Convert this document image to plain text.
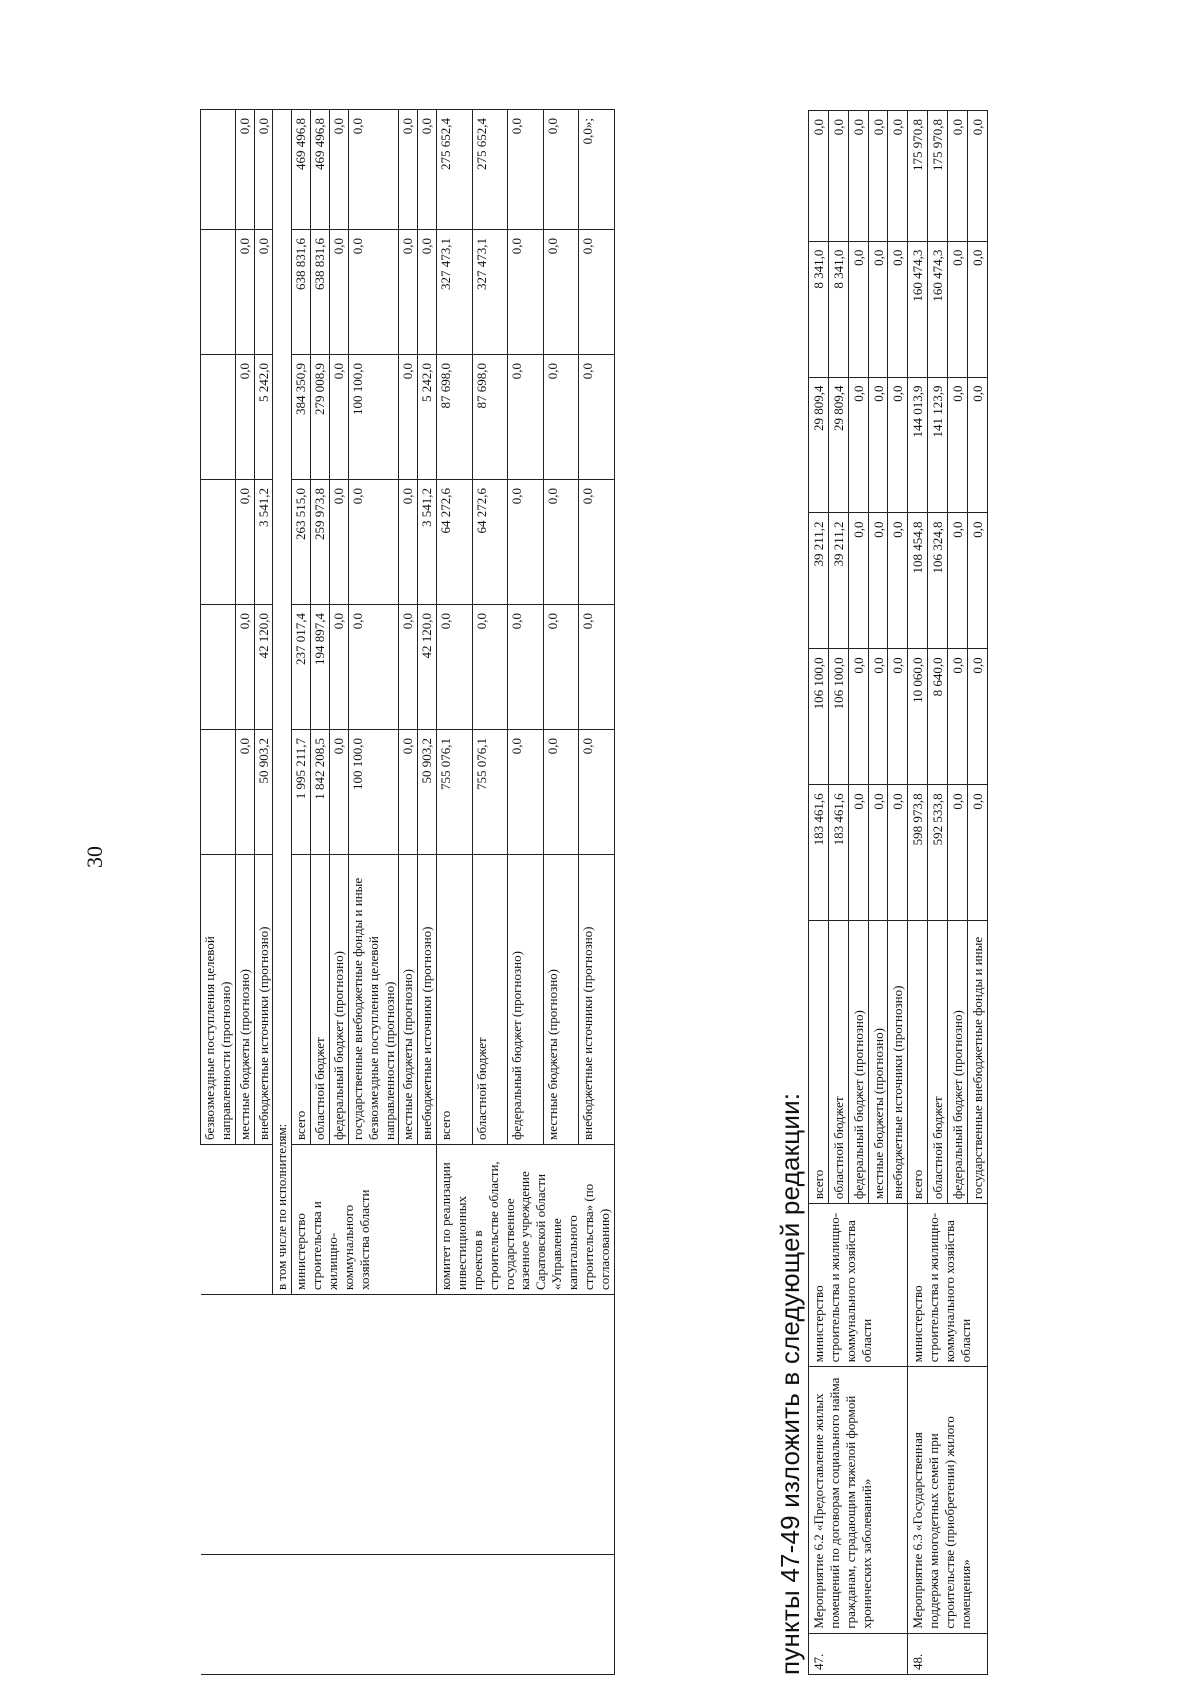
30
			безвозмездные поступления целевой направленности (прогнозно)						
			местные бюджеты (прогнозно)	0,0	0,0	0,0	0,0	0,0	0,0
			внебюджетные источники (прогнозно)	50 903,2	42 120,0	3 541,2	5 242,0	0,0	0,0
		в том числе по исполнителям:							
		министерство строительства и жилищно-коммунального хозяйства области	всего	1 995 211,7	237 017,4	263 515,0	384 350,9	638 831,6	469 496,8
			областной бюджет	1 842 208,5	194 897,4	259 973,8	279 008,9	638 831,6	469 496,8
			федеральный бюджет (прогнозно)	0,0	0,0	0,0	0,0	0,0	0,0
			государственные внебюджетные фонды и иные безвозмездные поступления целевой направленности (прогнозно)	100 100,0	0,0	0,0	100 100,0	0,0	0,0
			местные бюджеты (прогнозно)	0,0	0,0	0,0	0,0	0,0	0,0
			внебюджетные источники (прогнозно)	50 903,2	42 120,0	3 541,2	5 242,0	0,0	0,0
		комитет по реализации инвестиционных проектов в строительстве области, государственное казенное учреждение Саратовской области «Управление капитального строительства» (по согласованию)	всего	755 076,1	0,0	64 272,6	87 698,0	327 473,1	275 652,4
			областной бюджет	755 076,1	0,0	64 272,6	87 698,0	327 473,1	275 652,4
			федеральный бюджет (прогнозно)	0,0	0,0	0,0	0,0	0,0	0,0
			местные бюджеты (прогнозно)	0,0	0,0	0,0	0,0	0,0	0,0
			внебюджетные источники (прогнозно)	0,0	0,0	0,0	0,0	0,0	0,0»;
пункты 47-49 изложить в следующей редакции: 47.	Мероприятие 6.2 «Предоставление жилых помещений по договорам социального найма гражданам, страдающим тяжелой формой хронических заболеваний»	министерство строительства и жилищно-коммунального хозяйства области	всего	183 461,6	106 100,0	39 211,2	29 809,4	8 341,0	0,0
			областной бюджет	183 461,6	106 100,0	39 211,2	29 809,4	8 341,0	0,0
			федеральный бюджет (прогнозно)	0,0	0,0	0,0	0,0	0,0	0,0
			местные бюджеты (прогнозно)	0,0	0,0	0,0	0,0	0,0	0,0
			внебюджетные источники (прогнозно)	0,0	0,0	0,0	0,0	0,0	0,0
48.	Мероприятие 6.3 «Государственная поддержка многодетных семей при строительстве (приобретении) жилого помещения»	министерство строительства и жилищно-коммунального хозяйства области	всего	598 973,8	10 060,0	108 454,8	144 013,9	160 474,3	175 970,8
			областной бюджет	592 533,8	8 640,0	106 324,8	141 123,9	160 474,3	175 970,8
			федеральный бюджет (прогнозно)	0,0	0,0	0,0	0,0	0,0	0,0
			государственные внебюджетные фонды и иные	0,0	0,0	0,0	0,0	0,0	0,0
